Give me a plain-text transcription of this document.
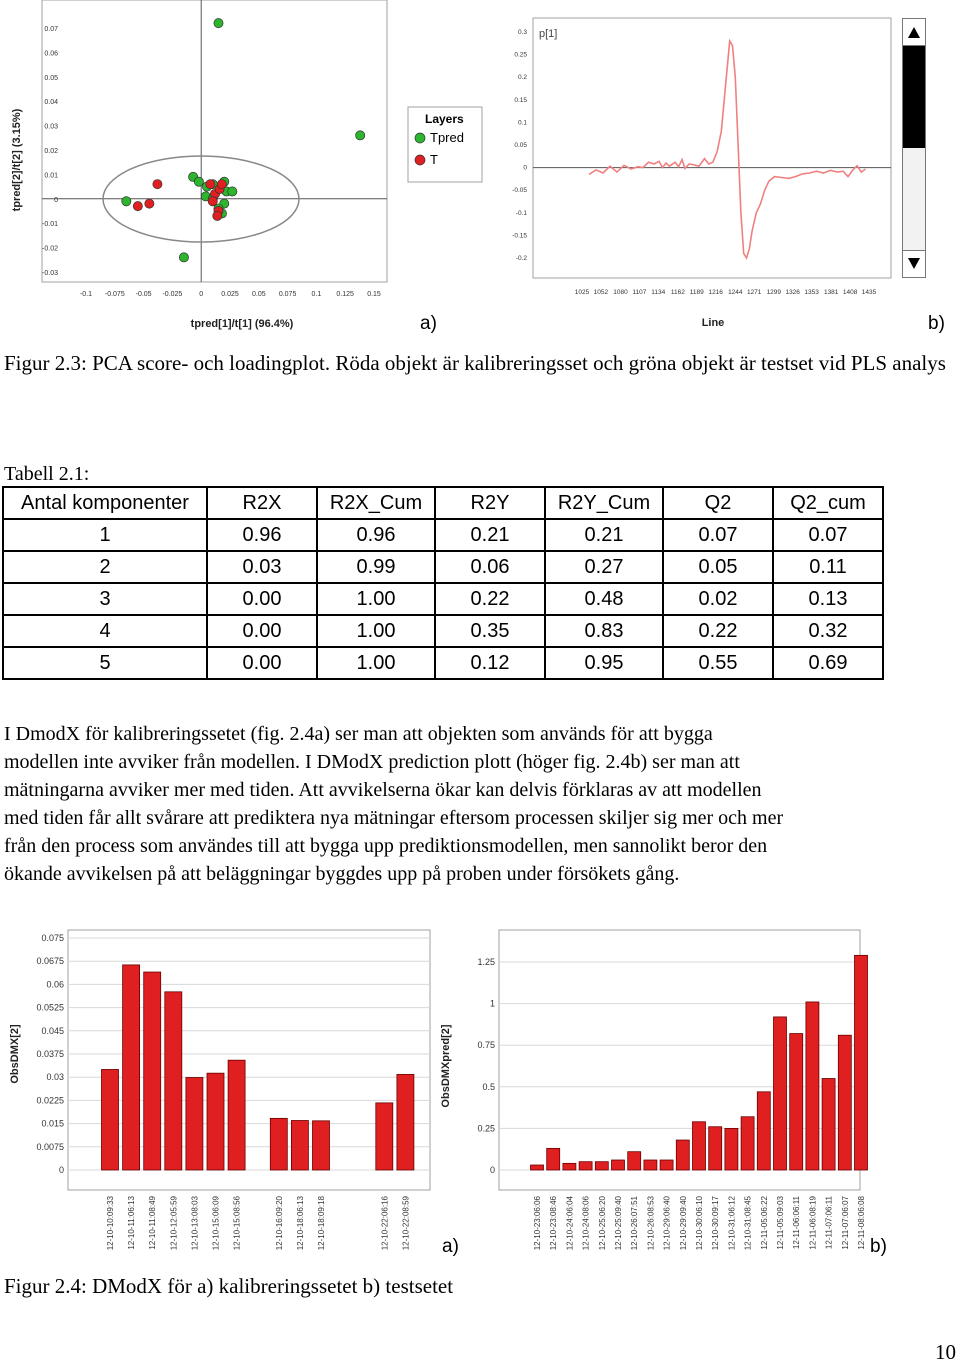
-0.1 -0.075 -0.05 -0.025 0	0.025 0.05 0.075 0.1 0.125 0.15
0.07
0.06
0.05
0.04
0.03
0.02
0.01
0
-0.01
-0.02
-0.03
tpred[2]/t[2] (3.15%)
tpred[1]/t[1] (96.4%)
Layers
Tpred
T
a)
0.3
0.25
0.2
0.15
0.1
0.05
0
-0.05
-0.1
-0.15
-0.2
1025 1052 1080 1107 1134 1162 1189 1216 1244 1271 1299 1326 1353 1381 1408 1435
p[1]
Line	b)
Figur 2.3: PCA score- och loadingplot. Röda objekt är kalibreringsset och gröna objekt är testset vid PLS analys
Tabell 2.1:
Antal komponenter	R2X	R2X_Cum	R2Y	R2Y_Cum	Q2	Q2_cum
1	0.96	0.96	0.21	0.21	0.07	0.07
2	0.03	0.99	0.06	0.27	0.05	0.11
3	0.00	1.00	0.22	0.48	0.02	0.13
4	0.00	1.00	0.35	0.83	0.22	0.32
5	0.00	1.00	0.12	0.95	0.55	0.69
I DmodX för kalibreringssetet (fig. 2.4a) ser man att objekten som används för att bygga
modellen inte avviker från modellen. I DModX prediction plott (höger fig. 2.4b) ser man att
mätningarna avviker mer med tiden. Att avvikelserna ökar kan delvis förklaras av att modellen
med tiden får allt svårare att prediktera nya mätningar eftersom processen skiljer sig mer och mer
från den process som användes till att bygga upp prediktionsmodellen, men sannolikt beror den
ökande avvikelsen på att beläggningar byggdes upp på proben under försökets gång.
0.075
0.0675
0.06
0.0525
0.045
0.0375
0.03
0.0225
0.015
0.0075
0
12-10-10:09:33 12-10-11:06:13 12-10-11:08:49 12-10-12:05:59 12-10-13:08:03 12-10-15:06:09 12-10-15:08:56	12-10-16:09:20 12-10-18:06:13 12-10-18:09:18	12-10-22:06:16 12-10-22:08:59
ObsDMX[2]
a)
1.25
1
0.75
0.5
0.25
0
12-10-23:06:06 12-10-23:08:46 12-10-24:06:04 12-10-24:08:06 12-10-25:06:20 12-10-25:09:40 12-10-26:07:51 12-10-26:08:53 12-10-29:06:40 12-10-29:09:40 12-10-30:06:10 12-10-30:09:17 12-10-31:06:12 12-10-31:08:45 12-11-05:06:22 12-11-05:09:03 12-11-06:06:11 12-11-06:08:19 12-11-07:06:11 12-11-07:06:07 12-11-08:06:08
ObsDMXpred[2]
b)
Figur 2.4: DModX för a) kalibreringssetet b) testsetet
10
